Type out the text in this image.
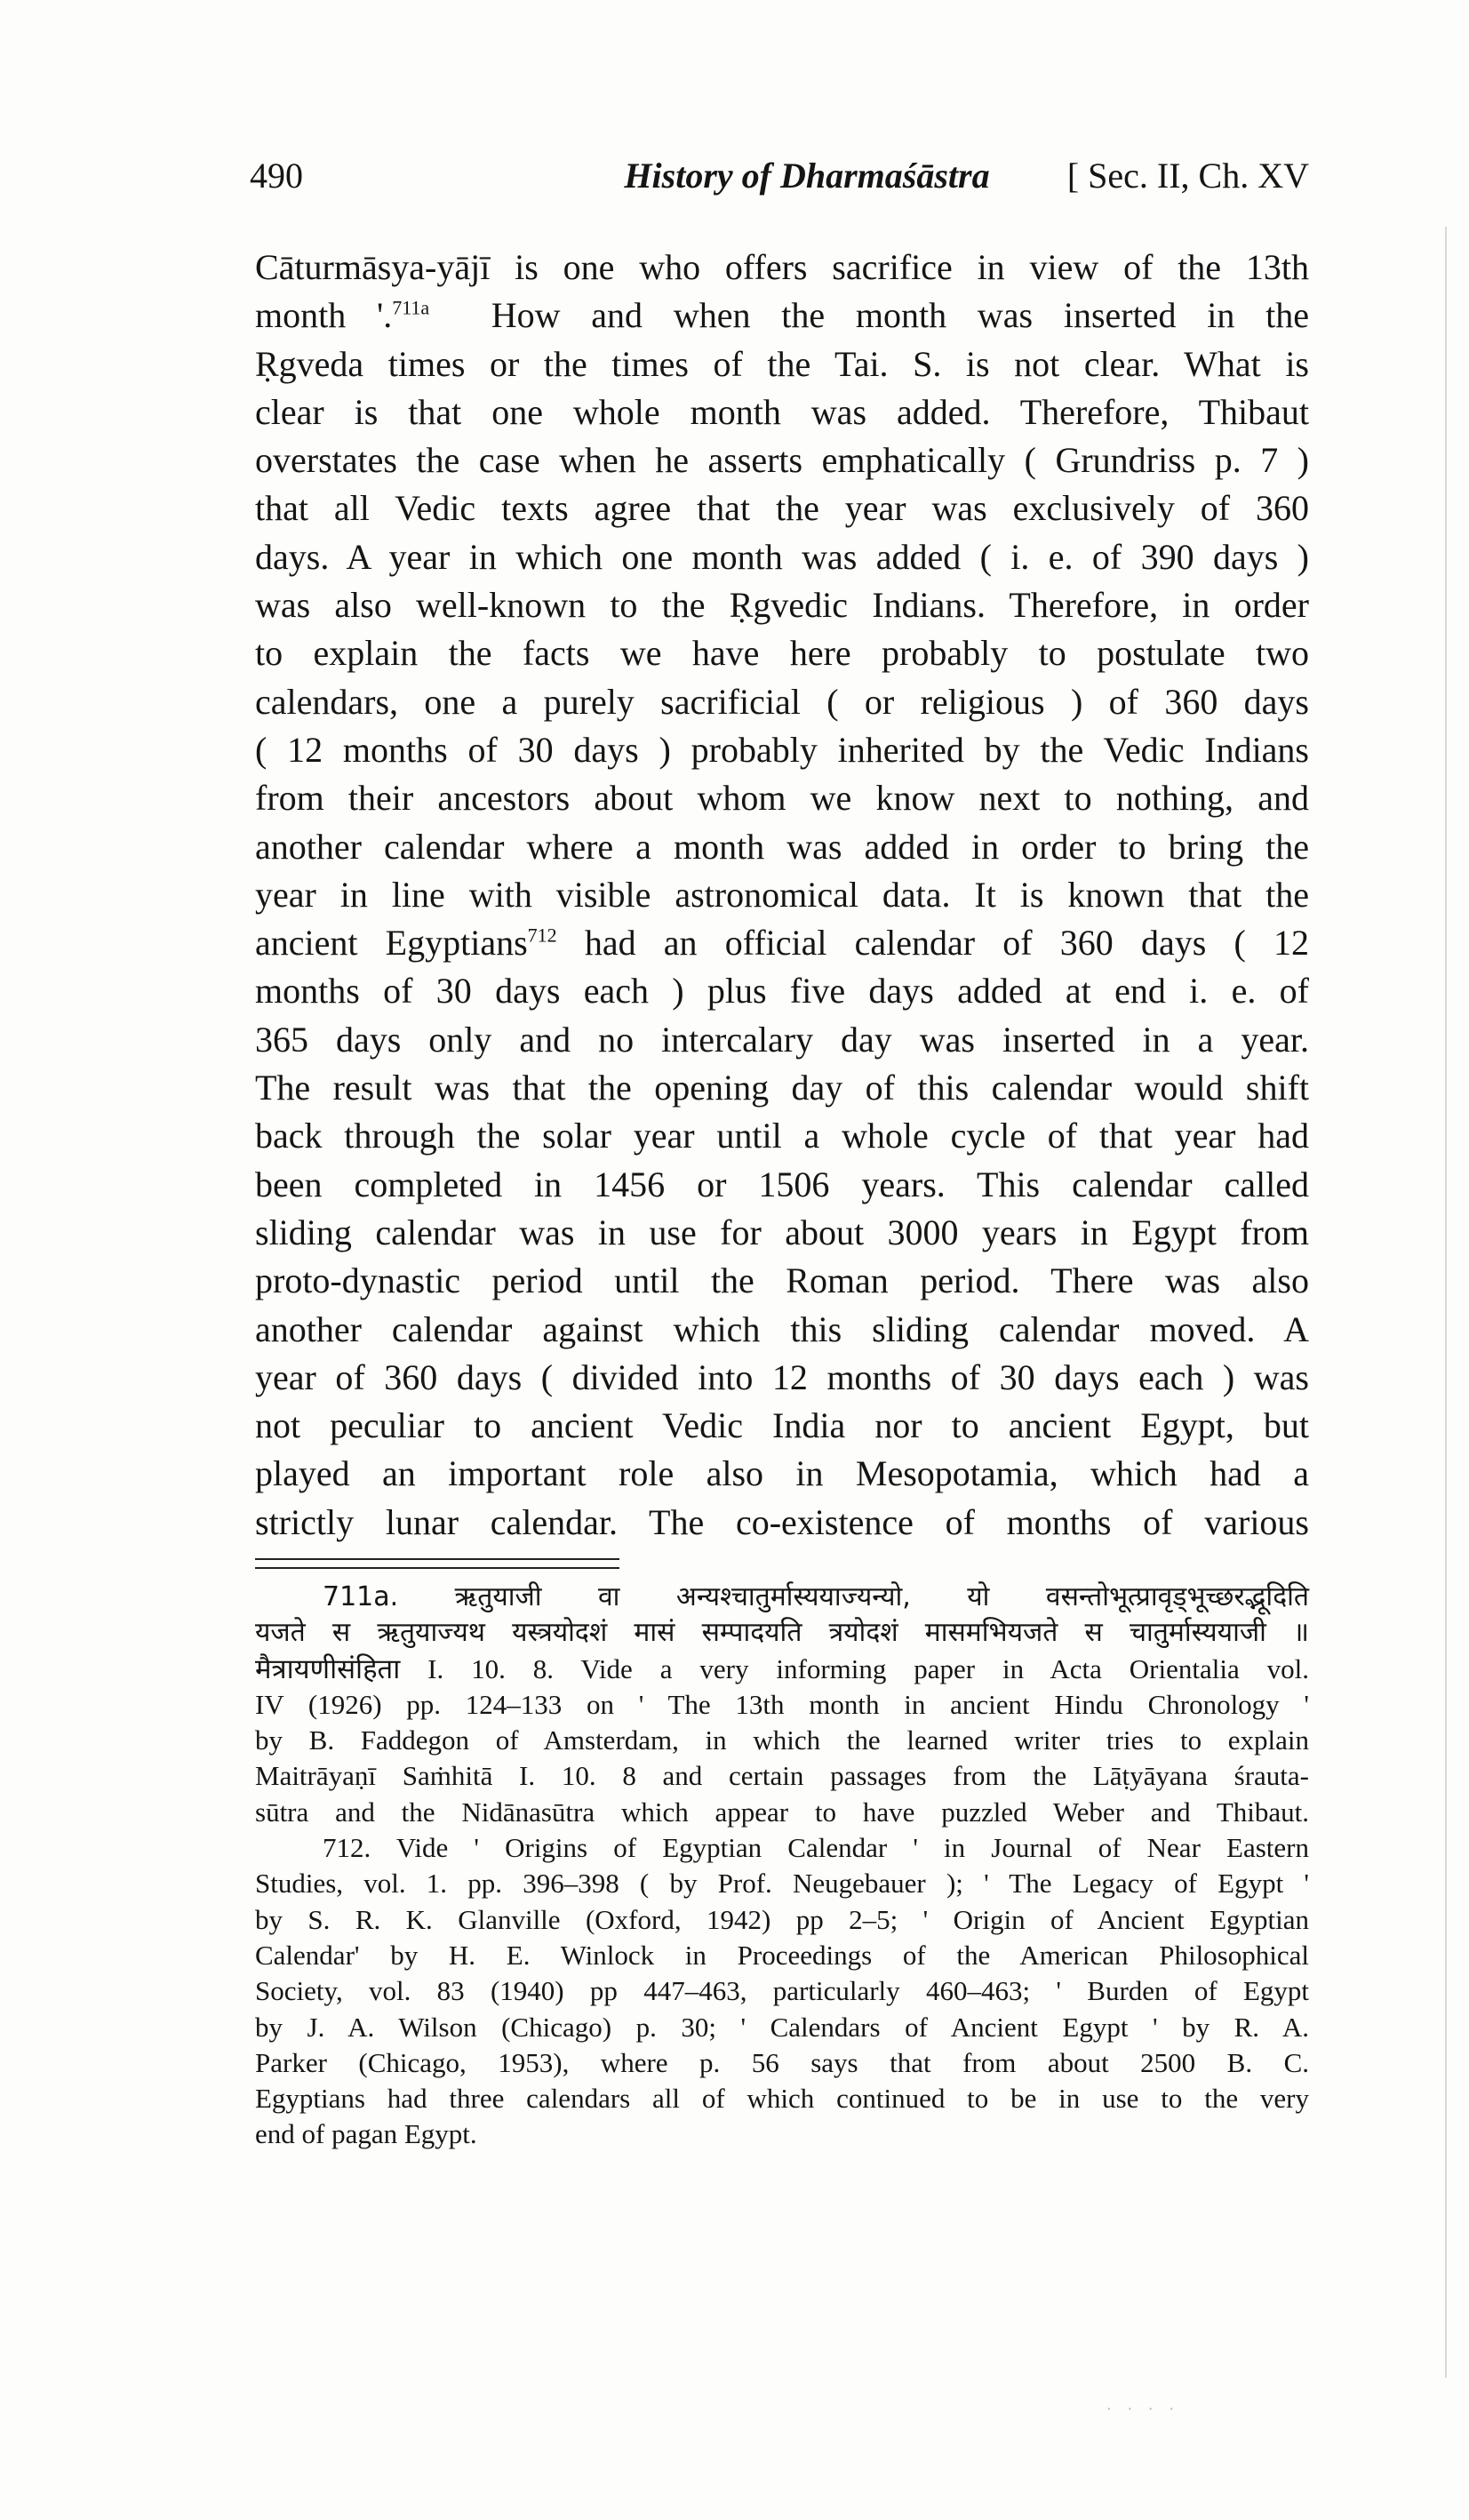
490	History of Dharmaśāstra	[ Sec. II, Ch. XV
Cāturmāsya-yājī is one who offers sacrifice in view of the 13th
month '.$^{711a}$ How and when the month was inserted in the
Ṛgveda times or the times of the Tai. S. is not clear. What is
clear is that one whole month was added. Therefore, Thibaut
overstates the case when he asserts emphatically ( Grundriss p. 7 )
that all Vedic texts agree that the year was exclusively of 360
days. A year in which one month was added ( i. e. of 390 days )
was also well-known to the Ṛgvedic Indians. Therefore, in order
to explain the facts we have here probably to postulate two
calendars, one a purely sacrificial ( or religious ) of 360 days
( 12 months of 30 days ) probably inherited by the Vedic Indians
from their ancestors about whom we know next to nothing, and
another calendar where a month was added in order to bring the
year in line with visible astronomical data. It is known that the
ancient Egyptians$^{712}$ had an official calendar of 360 days ( 12
months of 30 days each ) plus five days added at end i. e. of
365 days only and no intercalary day was inserted in a year.
The result was that the opening day of this calendar would shift
back through the solar year until a whole cycle of that year had
been completed in 1456 or 1506 years. This calendar called
sliding calendar was in use for about 3000 years in Egypt from
proto-dynastic period until the Roman period. There was also
another calendar against which this sliding calendar moved. A
year of 360 days ( divided into 12 months of 30 days each ) was
not peculiar to ancient Vedic India nor to ancient Egypt, but
played an important role also in Mesopotamia, which had a
strictly lunar calendar. The co-existence of months of various
711a. ऋतुयाजी वा अन्यश्चातुर्मास्ययाज्यन्यो, यो वसन्तोभूत्प्रावृड्भूच्छरद्भूदिति
यजते स ऋतुयाज्यथ यस्त्रयोदशं मासं सम्पादयति त्रयोदशं मासमभियजते स चातुर्मास्ययाजी ॥
मैत्रायणीसंहिता I. 10. 8. Vide a very informing paper in Acta Orientalia vol.
IV (1926) pp. 124–133 on ' The 13th month in ancient Hindu Chronology '
by B. Faddegon of Amsterdam, in which the learned writer tries to explain
Maitrāyaṇī Saṁhitā I. 10. 8 and certain passages from the Lāṭyāyana śrauta-
sūtra and the Nidānasūtra which appear to have puzzled Weber and Thibaut.
712. Vide ' Origins of Egyptian Calendar ' in Journal of Near Eastern
Studies, vol. 1. pp. 396–398 ( by Prof. Neugebauer ); ' The Legacy of Egypt '
by S. R. K. Glanville (Oxford, 1942) pp 2–5; ' Origin of Ancient Egyptian
Calendar' by H. E. Winlock in Proceedings of the American Philosophical
Society, vol. 83 (1940) pp 447–463, particularly 460–463; ' Burden of Egypt
by J. A. Wilson (Chicago) p. 30; ' Calendars of Ancient Egypt ' by R. A.
Parker (Chicago, 1953), where p. 56 says that from about 2500 B. C.
Egyptians had three calendars all of which continued to be in use to the very
end of pagan Egypt.
· · · ·
